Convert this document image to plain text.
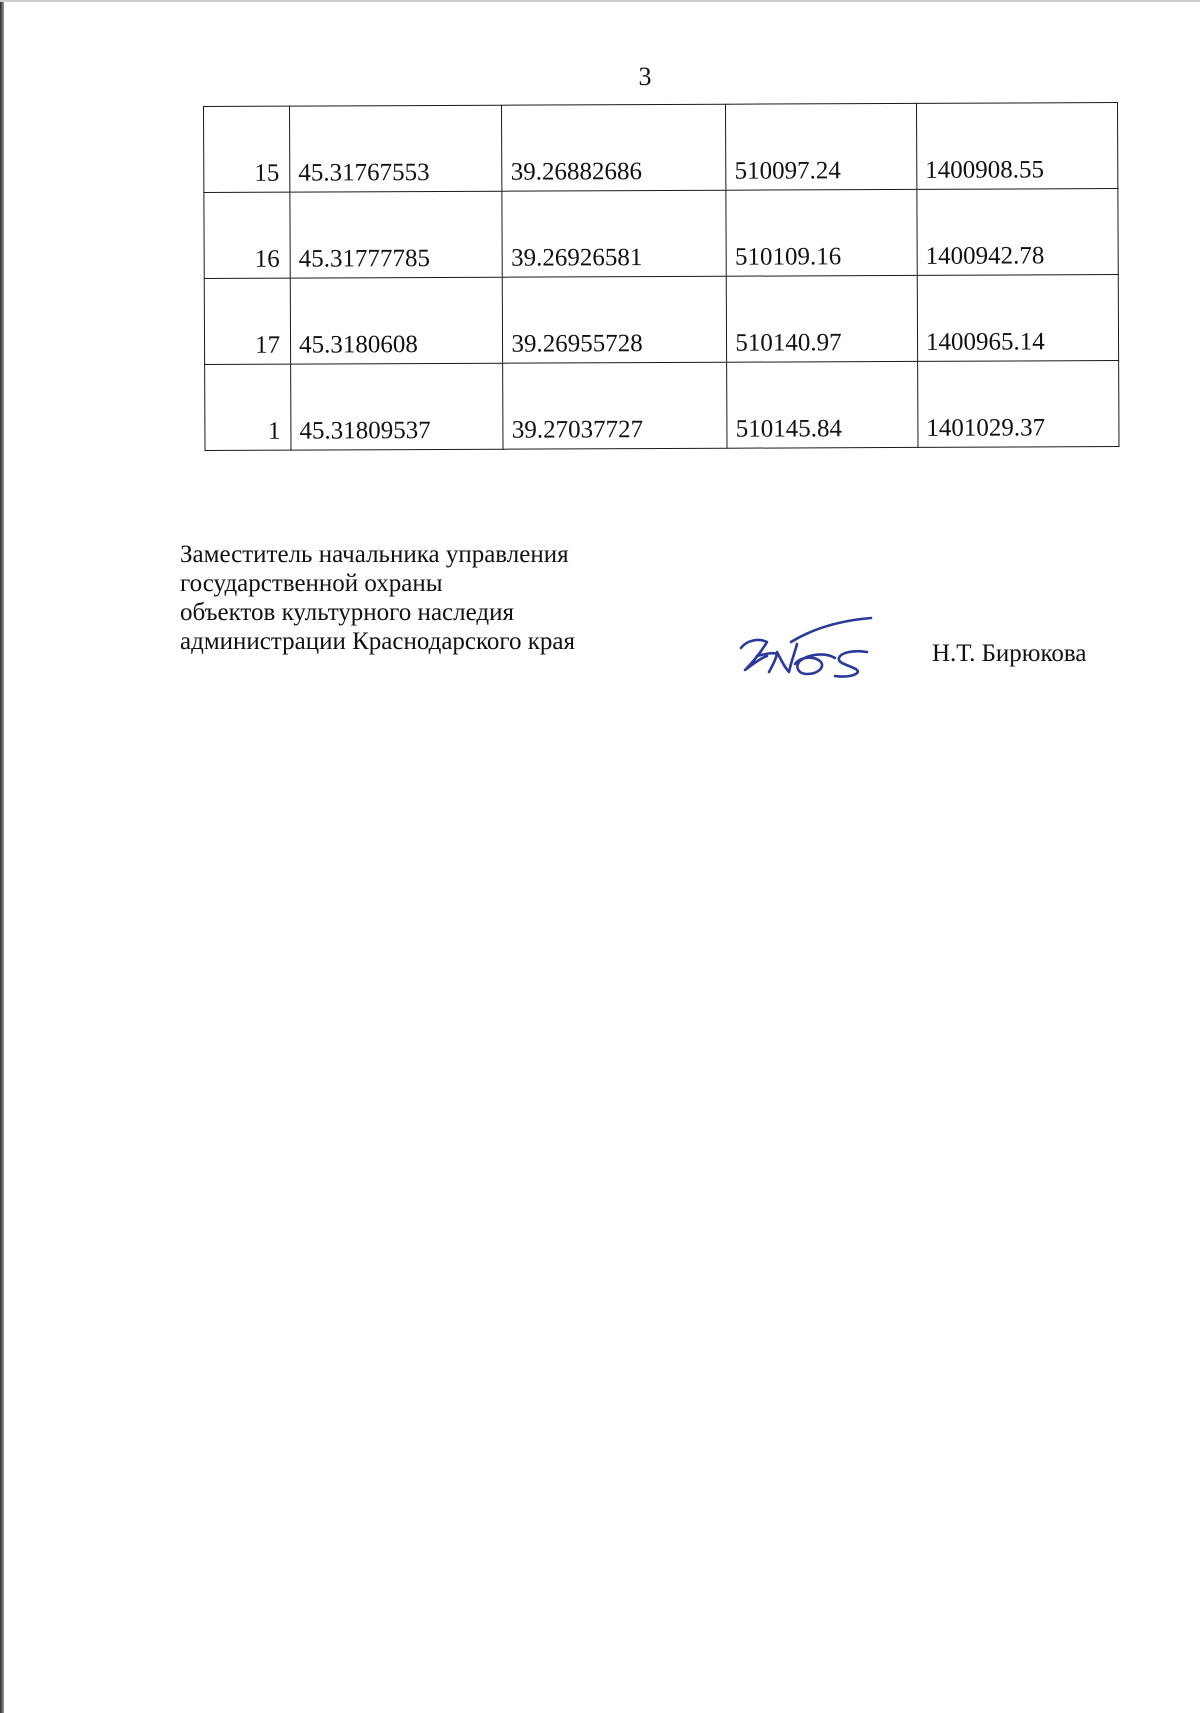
3
15	45.31767553	39.26882686	510097.24	1400908.55
16	45.31777785	39.26926581	510109.16	1400942.78
17	45.3180608	39.26955728	510140.97	1400965.14
1	45.31809537	39.27037727	510145.84	1401029.37
Заместитель начальника управления
государственной охраны
объектов культурного наследия
администрации Краснодарского края	Н.Т. Бирюкова
